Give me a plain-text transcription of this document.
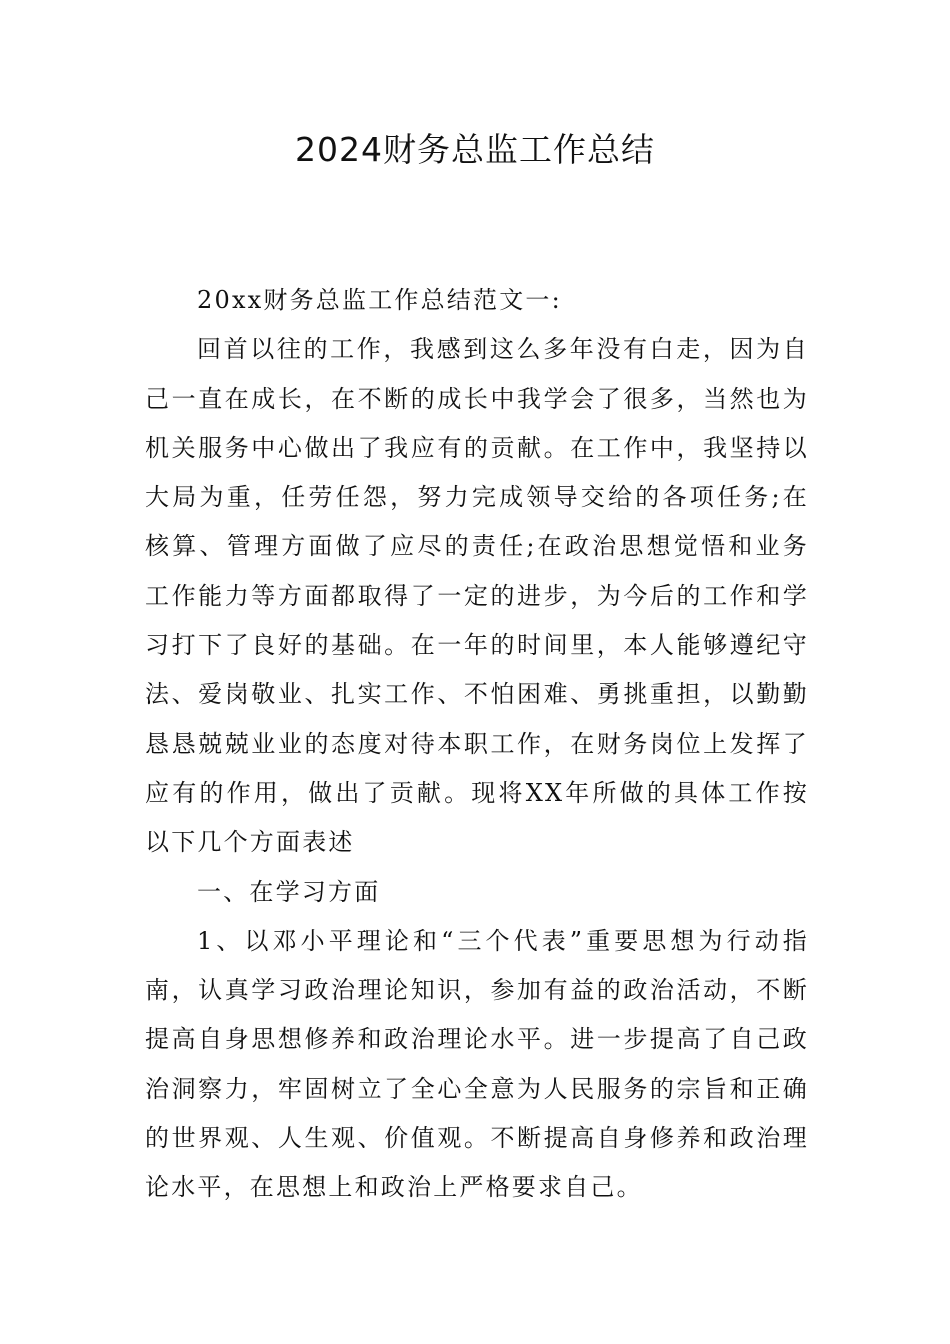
2024财务总监工作总结

20xx财务总监工作总结范文一:

回首以往的工作，我感到这么多年没有白走，因为自己一直在成长，在不断的成长中我学会了很多，当然也为机关服务中心做出了我应有的贡献。在工作中，我坚持以大局为重，任劳任怨，努力完成领导交给的各项任务;在核算、管理方面做了应尽的责任;在政治思想觉悟和业务工作能力等方面都取得了一定的进步，为今后的工作和学习打下了良好的基础。在一年的时间里，本人能够遵纪守法、爱岗敬业、扎实工作、不怕困难、勇挑重担，以勤勤恳恳兢兢业业的态度对待本职工作，在财务岗位上发挥了应有的作用，做出了贡献。现将XX年所做的具体工作按以下几个方面表述

一、在学习方面

1、以邓小平理论和“三个代表”重要思想为行动指南，认真学习政治理论知识，参加有益的政治活动，不断提高自身思想修养和政治理论水平。进一步提高了自己政治洞察力，牢固树立了全心全意为人民服务的宗旨和正确的世界观、人生观、价值观。不断提高自身修养和政治理论水平，在思想上和政治上严格要求自己。
